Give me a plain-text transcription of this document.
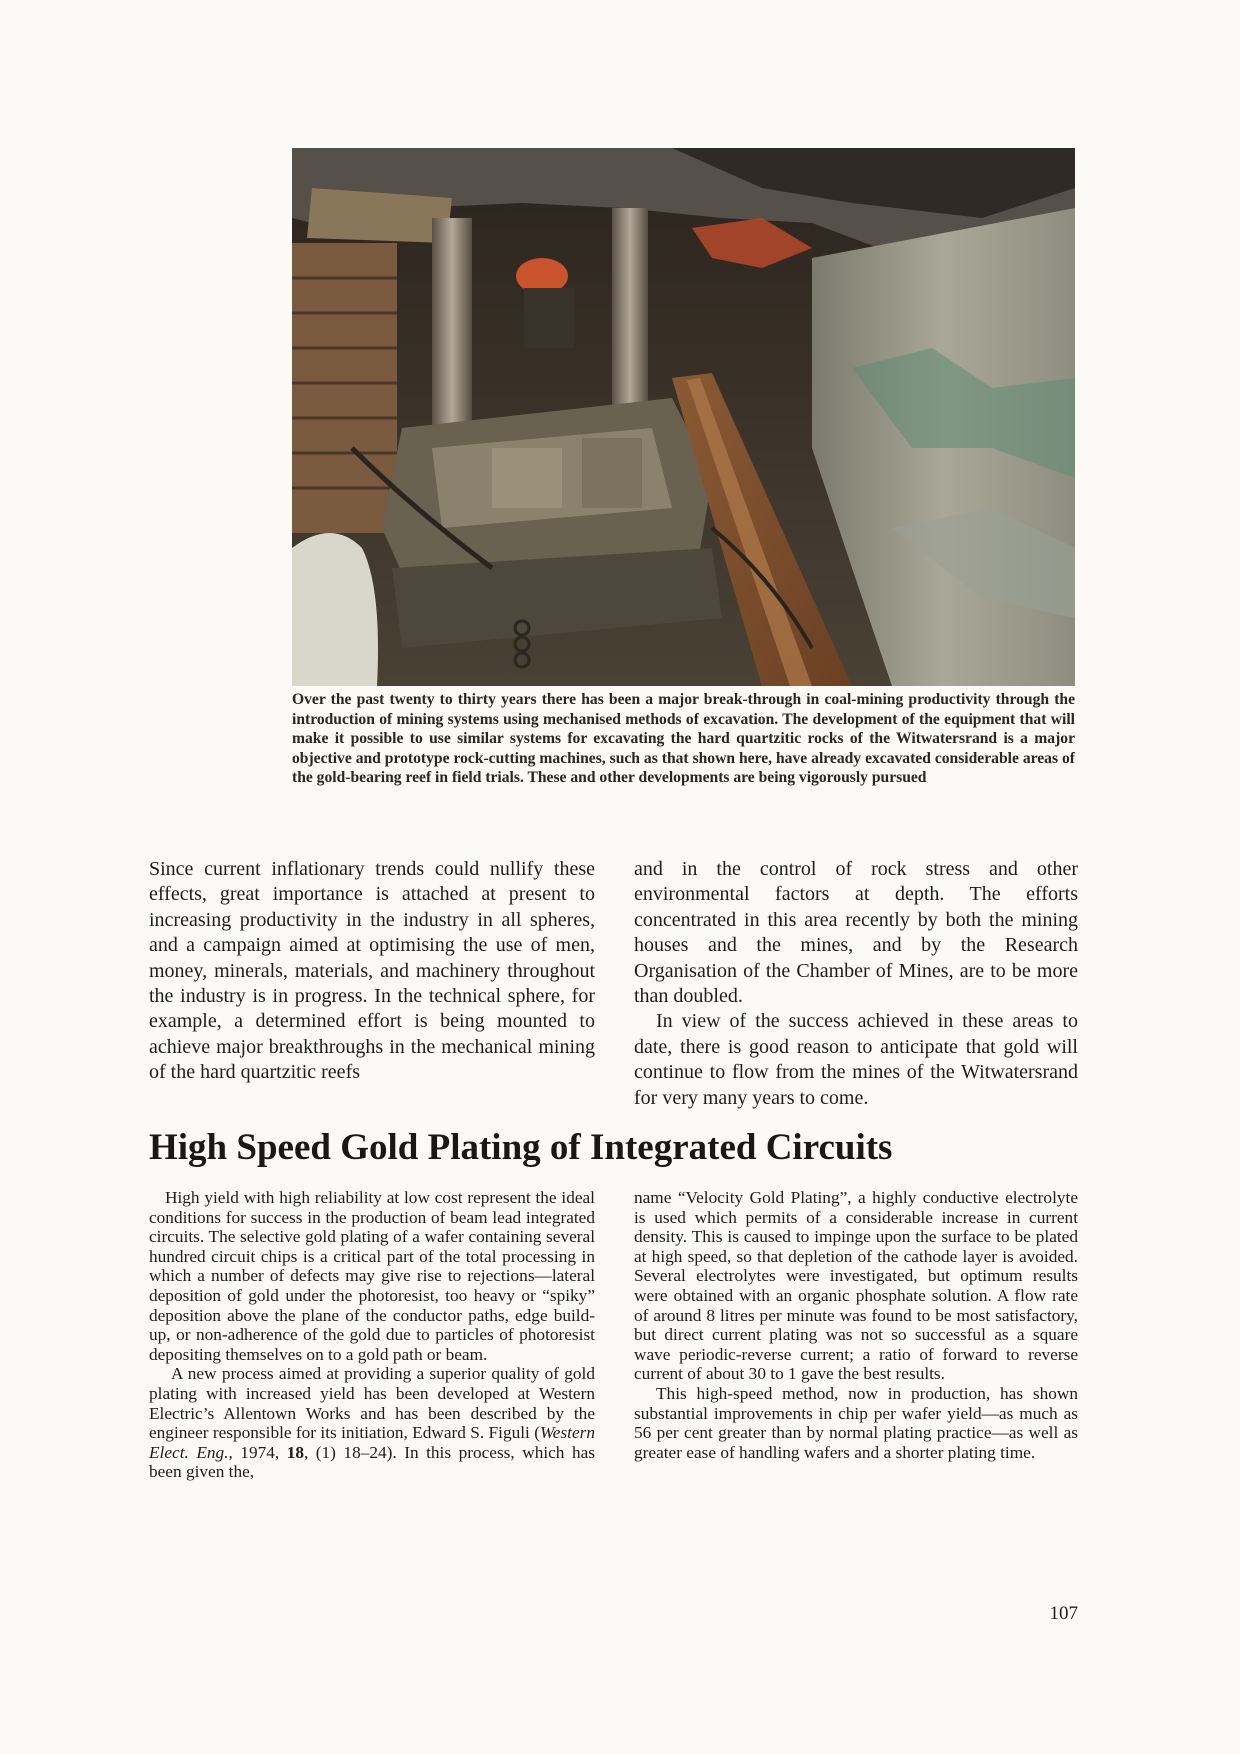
Over the past twenty to thirty years there has been a major break-through in coal-mining productivity through the introduction of mining systems using mechanised methods of excavation. The development of the equipment that will make it possible to use similar systems for excavating the hard quartzitic rocks of the Witwatersrand is a major objective and prototype rock-cutting machines, such as that shown here, have already excavated considerable areas of the gold-bearing reef in field trials. These and other developments are being vigorously pursued

Since current inflationary trends could nullify these effects, great importance is attached at present to increasing productivity in the industry in all spheres, and a campaign aimed at optimising the use of men, money, minerals, materials, and machinery throughout the industry is in progress. In the technical sphere, for example, a determined effort is being mounted to achieve major breakthroughs in the mechanical mining of the hard quartzitic reefs

and in the control of rock stress and other environmental factors at depth. The efforts concentrated in this area recently by both the mining houses and the mines, and by the Research Organisation of the Chamber of Mines, are to be more than doubled.

In view of the success achieved in these areas to date, there is good reason to anticipate that gold will continue to flow from the mines of the Witwatersrand for very many years to come.

High Speed Gold Plating of Integrated Circuits

High yield with high reliability at low cost represent the ideal conditions for success in the production of beam lead integrated circuits. The selective gold plating of a wafer containing several hundred circuit chips is a critical part of the total processing in which a number of defects may give rise to rejections—lateral deposition of gold under the photoresist, too heavy or “spiky” deposition above the plane of the conductor paths, edge build-up, or non-adherence of the gold due to particles of photoresist depositing themselves on to a gold path or beam.

A new process aimed at providing a superior quality of gold plating with increased yield has been developed at Western Electric’s Allentown Works and has been described by the engineer responsible for its initiation, Edward S. Figuli (Western Elect. Eng., 1974, 18, (1) 18–24). In this process, which has been given the,

name “Velocity Gold Plating”, a highly conductive electrolyte is used which permits of a considerable increase in current density. This is caused to impinge upon the surface to be plated at high speed, so that depletion of the cathode layer is avoided. Several electrolytes were investigated, but optimum results were obtained with an organic phosphate solution. A flow rate of around 8 litres per minute was found to be most satisfactory, but direct current plating was not so successful as a square wave periodic-reverse current; a ratio of forward to reverse current of about 30 to 1 gave the best results.

This high-speed method, now in production, has shown substantial improvements in chip per wafer yield—as much as 56 per cent greater than by normal plating practice—as well as greater ease of handling wafers and a shorter plating time.

107
